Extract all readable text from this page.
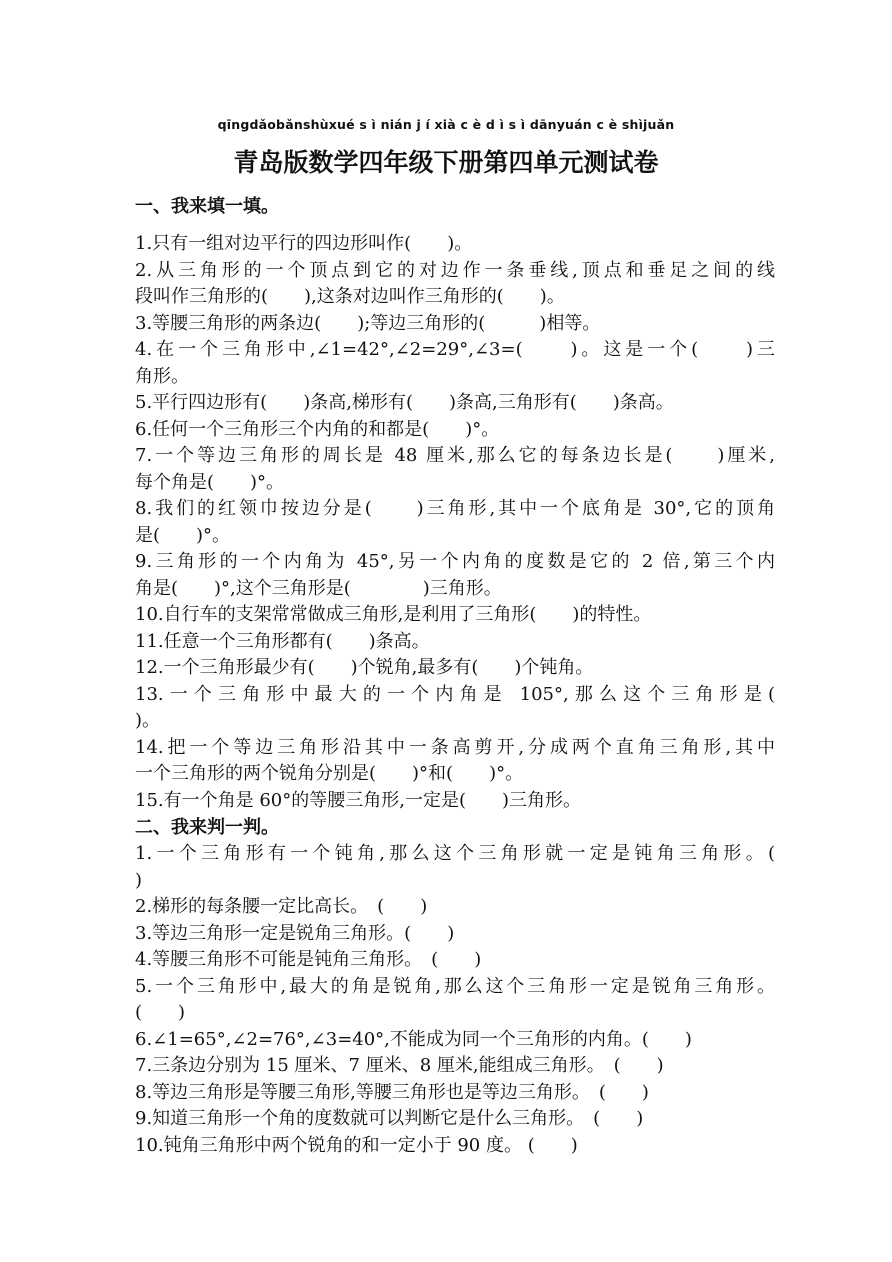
qīngdǎobǎnshùxué s ì nián j í xià c è d ì s ì dānyuán c è shìjuǎn
青岛版数学四年级下册第四单元测试卷
一、我来填一填。
1.只有一组对边平行的四边形叫作(　　)。
2.从三角形的一个顶点到它的对边作一条垂线,顶点和垂足之间的线
段叫作三角形的(　　),这条对边叫作三角形的(　　)。
3.等腰三角形的两条边(　　);等边三角形的(　　　)相等。
4.在一个三角形中,∠1=42°,∠2=29°,∠3=(　　)。这是一个(　　)三
角形。
5.平行四边形有(　　)条高,梯形有(　　)条高,三角形有(　　)条高。
6.任何一个三角形三个内角的和都是(　　)°。
7.一个等边三角形的周长是 48 厘米,那么它的每条边长是(　　)厘米,
每个角是(　　)°。
8.我们的红领巾按边分是(　　)三角形,其中一个底角是 30°,它的顶角
是(　　)°。
9.三角形的一个内角为 45°,另一个内角的度数是它的 2 倍,第三个内
角是(　　)°,这个三角形是(　　　　)三角形。
10.自行车的支架常常做成三角形,是利用了三角形(　　)的特性。
11.任意一个三角形都有(　　)条高。
12.一个三角形最少有(　　)个锐角,最多有(　　)个钝角。
13.一个三角形中最大的一个内角是 105°,那么这个三角形是(
)。
14.把一个等边三角形沿其中一条高剪开,分成两个直角三角形,其中
一个三角形的两个锐角分别是(　　)°和(　　)°。
15.有一个角是 60°的等腰三角形,一定是(　　)三角形。
二、我来判一判。
1.一个三角形有一个钝角,那么这个三角形就一定是钝角三角形。(
)
2.梯形的每条腰一定比高长。　(　　)
3.等边三角形一定是锐角三角形。(　　)
4.等腰三角形不可能是钝角三角形。　(　　)
5.一个三角形中,最大的角是锐角,那么这个三角形一定是锐角三角形。
(　　)
6.∠1=65°,∠2=76°,∠3=40°,不能成为同一个三角形的内角。(　　)
7.三条边分别为 15 厘米、7 厘米、8 厘米,能组成三角形。　(　　)
8.等边三角形是等腰三角形,等腰三角形也是等边三角形。　(　　)
9.知道三角形一个角的度数就可以判断它是什么三角形。　(　　)
10.钝角三角形中两个锐角的和一定小于 90 度。 (　　)
